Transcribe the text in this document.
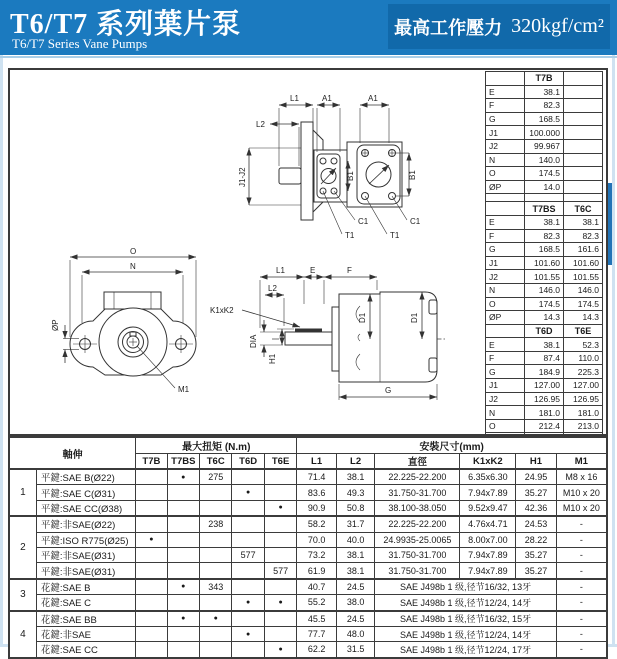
T6/T7 系列葉片泵
T6/T7 Series Vane Pumps
最高工作壓力 320kgf/cm²
L1
L2
A1	A1
J1-J2	B1	B1
C1	C1
T1	T1
O
N
ØP
M1
L1
L2
E	F
K1xK2
D1	D1
DIA
H1
G
	T7B	
E	38.1	
F	82.3	
G	168.5	
J1	100.000	
J2	99.967	
N	140.0	
O	174.5	
ØP	14.0	

	T7BS	T6C
E	38.1	38.1
F	82.3	82.3
G	168.5	161.6
J1	101.60	101.60
J2	101.55	101.55
N	146.0	146.0
O	174.5	174.5
ØP	14.3	14.3
	T6D	T6E
E	38.1	52.3
F	87.4	110.0
G	184.9	225.3
J1	127.00	127.00
J2	126.95	126.95
N	181.0	181.0
O	212.4	213.0

軸伸		最大扭矩 (N.m)					安裝尺寸(mm)					
		T7B	T7BS	T6C	T6D	T6E	L1	L2	直徑	K1xK2	H1	M1
1	平鍵:SAE B(Ø22)		●	275			71.4	38.1	22.225-22.200	6.35x6.30	24.95	M8 x 16
	平鍵:SAE C(Ø31)				●		83.6	49.3	31.750-31.700	7.94x7.89	35.27	M10 x 20
	平鍵:SAE CC(Ø38)					●	90.9	50.8	38.100-38.050	9.52x9.47	42.36	M10 x 20
2	平鍵:非SAE(Ø22)			238			58.2	31.7	22.225-22.200	4.76x4.71	24.53	-
	平鍵:ISO R775(Ø25)	●					70.0	40.0	24.9935-25.0065	8.00x7.00	28.22	-
	平鍵:非SAE(Ø31)				577		73.2	38.1	31.750-31.700	7.94x7.89	35.27	-
	平鍵:非SAE(Ø31)					577	61.9	38.1	31.750-31.700	7.94x7.89	35.27	-
3	花鍵:SAE B		●	343			40.7	24.5	SAE J498b 1 级,径节16/32, 13牙			-
	花鍵:SAE C				●	●	55.2	38.0	SAE J498b 1 级,径节12/24, 14牙			-
4	花鍵:SAE BB		●	●			45.5	24.5	SAE J498b 1 级,径节16/32, 15牙			-
	花鍵:非SAE				●		77.7	48.0	SAE J498b 1 级,径节12/24, 14牙			-
	花鍵:SAE CC					●	62.2	31.5	SAE J498b 1 级,径节12/24, 17牙			-
